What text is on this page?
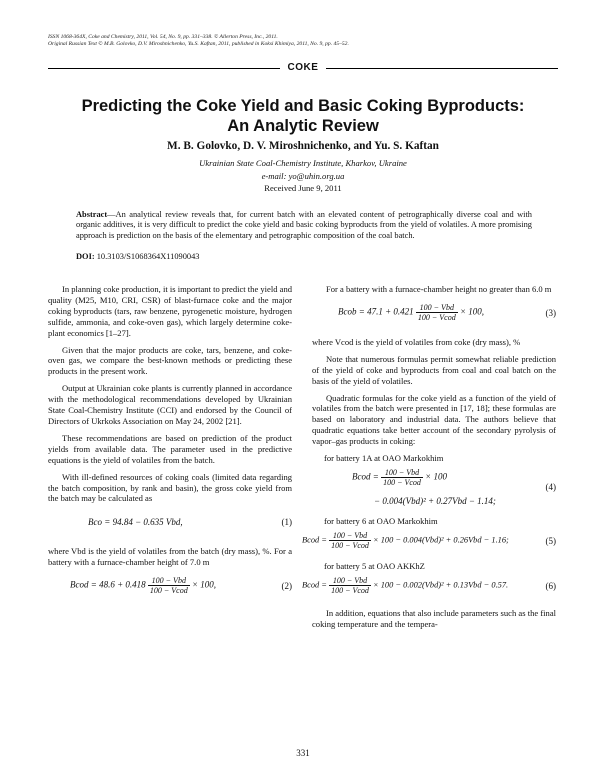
ISSN 1068-364X, Coke and Chemistry, 2011, Vol. 54, No. 9, pp. 331–338. © Allerton Press, Inc., 2011.
Original Russian Text © M.B. Golovko, D.V. Miroshnichenko, Yu.S. Kaftan, 2011, published in Koksi Khimiya, 2011, No. 9, pp. 45–52.
COKE
Predicting the Coke Yield and Basic Coking Byproducts:
An Analytic Review
M. B. Golovko, D. V. Miroshnichenko, and Yu. S. Kaftan
Ukrainian State Coal-Chemistry Institute, Kharkov, Ukraine
e-mail: yo@uhin.org.ua
Received June 9, 2011
Abstract—An analytical review reveals that, for current batch with an elevated content of petrographically diverse coal and with organic additives, it is very difficult to predict the coke yield and basic coking byproducts from the yield of volatiles. A more promising approach is prediction on the basis of the elementary and petrographic composition of the coal batch.
DOI: 10.3103/S1068364X11090043

In planning coke production, it is important to predict the yield and quality (M25, M10, CRI, CSR) of blast-furnace coke and the major coking byproducts (tars, raw benzene, pyrogenetic moisture, hydrogen sulfide, ammonia, and coke-oven gas), which largely determine coke-plant economics [1–27].

Given that the major products are coke, tars, benzene, and coke-oven gas, we compare the best-known methods or predicting these products in the present work.

Output at Ukrainian coke plants is currently planned in accordance with the methodological recommendations developed by Ukrainian State Coal-Chemistry Institute (CCI) and endorsed by the Council of Directors of Ukrkoks Association on May 24, 2002 [21].

These recommendations are based on prediction of the product yields from available data. The parameter used in the predictive equations is the yield of volatiles from the batch.

With ill-defined resources of coking coals (limited data regarding the batch composition, by rank and basin), the gross coke yield from the batch may be calculated as

Bco = 94.84 − 0.635 Vbd,	(1)

where Vbd is the yield of volatiles from the batch (dry mass), %. For a battery with a furnace-chamber height of 7.0 m

Bcod = $48.6 + 0.418 \frac{\text{100 − Vbd}}{\text{100 − Vcod}} \times 100$,	(2)

For a battery with a furnace-chamber height no greater than 6.0 m

Bcob = $47.1 + 0.421 \frac{\text{100 − Vbd}}{\text{100 − Vcod}} \times 100$,	(3)

where Vcod is the yield of volatiles from coke (dry mass), %

Note that numerous formulas permit somewhat reliable prediction of the yield of coke and byproducts from coal and coal batch on the basis of the yield of volatiles.

Quadratic formulas for the coke yield as a function of the yield of volatiles from the batch were presented in [17, 18]; these formulas are based on laboratory and industrial data. The authors believe that quadratic equations take better account of the secondary pyrolysis of vapor–gas products in coking:

for battery 1A at OAO Markokhim

Bcod = $\frac{\text{100 − Vbd}}{\text{100 − Vcod}} \times 100$
− 0.004(Vbd)² + 0.27Vbd − 1.14;
(4)

for battery 6 at OAO Markokhim

Bcod = $\frac{\text{100 − Vbd}}{\text{100 − Vcod}} \times 100 - 0.004(Vbd)^2 + 0.26Vbd - 1.16$;	(5)

for battery 5 at OAO AKKhZ

Bcod = $\frac{\text{100 − Vbd}}{\text{100 − Vcod}} \times 100 - 0.002(Vbd)^2 + 0.13Vbd - 0.57$.	(6)

In addition, equations that also include parameters such as the final coking temperature and the tempera-

331
